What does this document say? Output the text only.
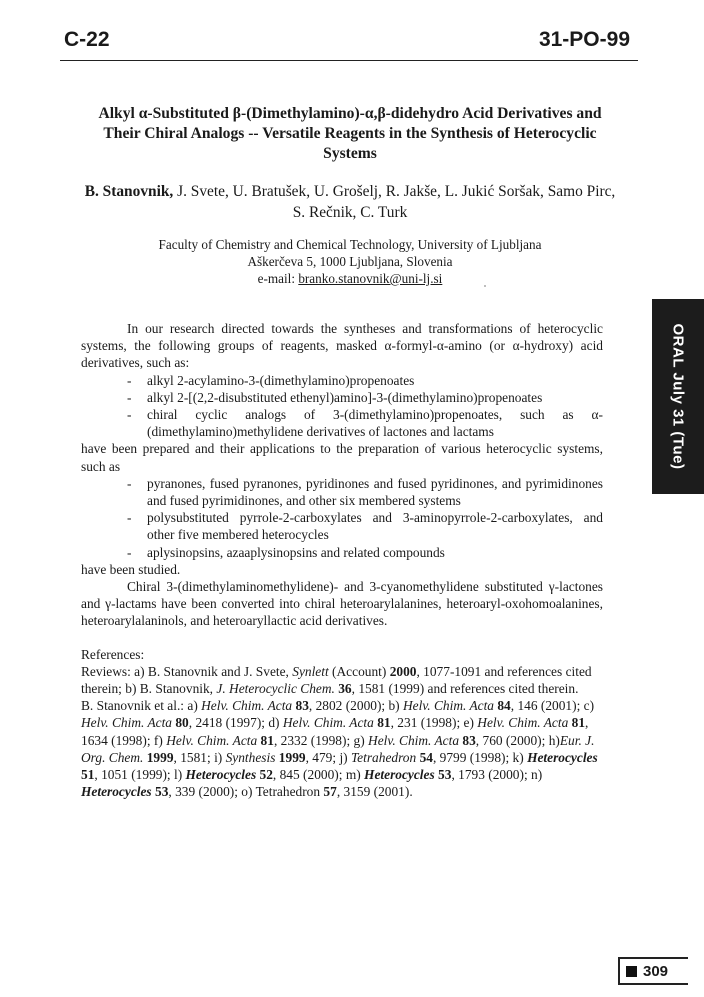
C-22	31-PO-99
Alkyl α-Substituted β-(Dimethylamino)-α,β-didehydro Acid Derivatives and Their Chiral Analogs -- Versatile Reagents in the Synthesis of Heterocyclic Systems
B. Stanovnik, J. Svete, U. Bratušek, U. Grošelj, R. Jakše, L. Jukić Soršak, Samo Pirc, S. Rečnik, C. Turk
Faculty of Chemistry and Chemical Technology, University of Ljubljana
Aškerčeva 5, 1000 Ljubljana, Slovenia
e-mail: branko.stanovnik@uni-lj.si

In our research directed towards the syntheses and transformations of heterocyclic systems, the following groups of reagents, masked α-formyl-α-amino (or α-hydroxy) acid derivatives, such as:

-	alkyl 2-acylamino-3-(dimethylamino)propenoates
-	alkyl 2-[(2,2-disubstituted ethenyl)amino]-3-(dimethylamino)propenoates
-	chiral cyclic analogs of 3-(dimethylamino)propenoates, such as α-(dimethylamino)methylidene derivatives of lactones and lactams

have been prepared and their applications to the preparation of various heterocyclic systems, such as

-	pyranones, fused pyranones, pyridinones and fused pyridinones, and pyrimidinones and fused pyrimidinones, and other six membered systems
-	polysubstituted pyrrole-2-carboxylates and 3-aminopyrrole-2-carboxylates, and other five membered heterocycles
-	aplysinopsins, azaaplysinopsins and related compounds

have been studied.

Chiral 3-(dimethylaminomethylidene)- and 3-cyanomethylidene substituted γ-lactones and γ-lactams have been converted into chiral heteroarylalanines, heteroaryl-oxohomoalanines, heteroarylalaninols, and heteroaryllactic acid derivatives.

References:

Reviews: a) B. Stanovnik and J. Svete, Synlett (Account) 2000, 1077-1091 and references cited therein; b) B. Stanovnik, J. Heterocyclic Chem. 36, 1581 (1999) and references cited therein.

B. Stanovnik et al.: a) Helv. Chim. Acta 83, 2802 (2000); b) Helv. Chim. Acta 84, 146 (2001); c) Helv. Chim. Acta 80, 2418 (1997); d) Helv. Chim. Acta 81, 231 (1998); e) Helv. Chim. Acta 81, 1634 (1998); f) Helv. Chim. Acta 81, 2332 (1998); g) Helv. Chim. Acta 83, 760 (2000); h)Eur. J. Org. Chem. 1999, 1581; i) Synthesis 1999, 479; j) Tetrahedron 54, 9799 (1998); k) Heterocycles 51, 1051 (1999); l) Heterocycles 52, 845 (2000); m) Heterocycles 53, 1793 (2000); n) Heterocycles 53, 339 (2000); o) Tetrahedron 57, 3159 (2001).

ORAL July 31 (Tue)
309
